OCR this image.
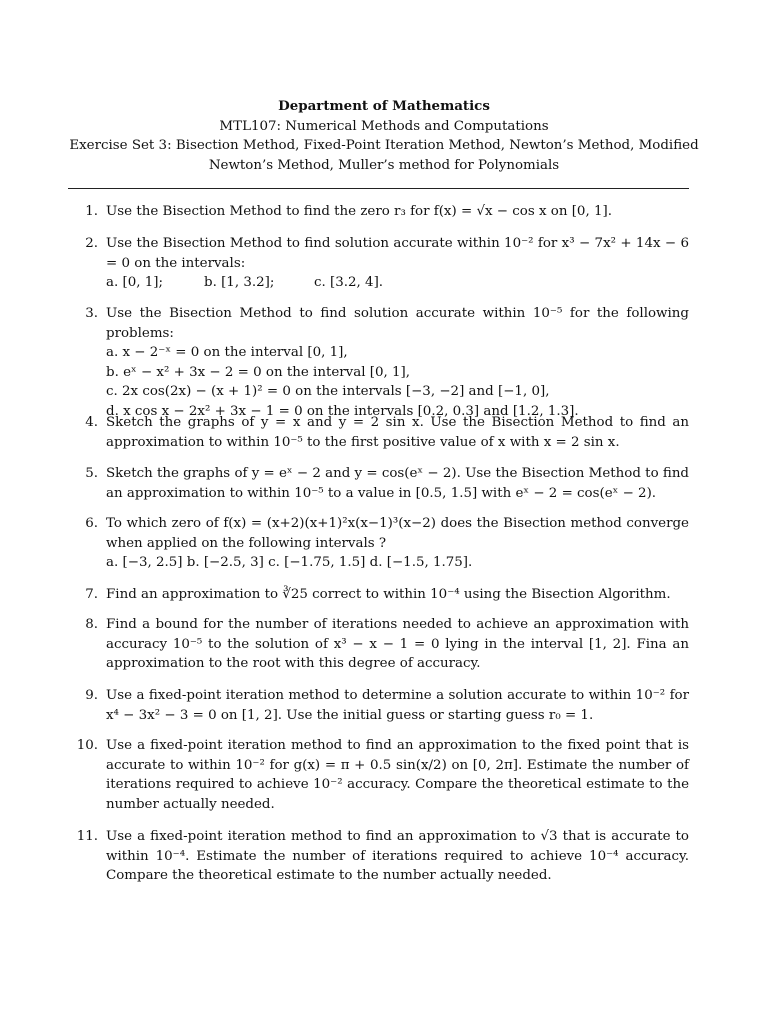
Department of Mathematics
MTL107: Numerical Methods and Computations
Exercise Set 3: Bisection Method, Fixed-Point Iteration Method, Newton’s Method, Modified
Newton’s Method, Muller’s method for Polynomials
1. Use the Bisection Method to find the zero r₃ for f(x) = √x − cos x on [0, 1].
2. Use the Bisection Method to find solution accurate within 10⁻² for x³ − 7x² + 14x − 6 = 0 on the intervals:
a. [0, 1];	b. [1, 3.2];	c. [3.2, 4].
3. Use the Bisection Method to find solution accurate within 10⁻⁵ for the following problems:
a. x − 2⁻ˣ = 0 on the interval [0, 1],
b. eˣ − x² + 3x − 2 = 0 on the interval [0, 1],
c. 2x cos(2x) − (x + 1)² = 0 on the intervals [−3, −2] and [−1, 0],
d. x cos x − 2x² + 3x − 1 = 0 on the intervals [0.2, 0.3] and [1.2, 1.3].
4. Sketch the graphs of y = x and y = 2 sin x. Use the Bisection Method to find an approximation to within 10⁻⁵ to the first positive value of x with x = 2 sin x.
5. Sketch the graphs of y = eˣ − 2 and y = cos(eˣ − 2). Use the Bisection Method to find an approximation to within 10⁻⁵ to a value in [0.5, 1.5] with eˣ − 2 = cos(eˣ − 2).
6. To which zero of f(x) = (x+2)(x+1)²x(x−1)³(x−2) does the Bisection method converge when applied on the following intervals ?
a. [−3, 2.5] b. [−2.5, 3] c. [−1.75, 1.5] d. [−1.5, 1.75].
7. Find an approximation to ∛25 correct to within 10⁻⁴ using the Bisection Algorithm.
8. Find a bound for the number of iterations needed to achieve an approximation with accuracy 10⁻⁵ to the solution of x³ − x − 1 = 0 lying in the interval [1, 2]. Fina an approximation to the root with this degree of accuracy.
9. Use a fixed-point iteration method to determine a solution accurate to within 10⁻² for x⁴ − 3x² − 3 = 0 on [1, 2]. Use the initial guess or starting guess r₀ = 1.
10. Use a fixed-point iteration method to find an approximation to the fixed point that is accurate to within 10⁻² for g(x) = π + 0.5 sin(x/2) on [0, 2π]. Estimate the number of iterations required to achieve 10⁻² accuracy. Compare the theoretical estimate to the number actually needed.
11. Use a fixed-point iteration method to find an approximation to √3 that is accurate to within 10⁻⁴. Estimate the number of iterations required to achieve 10⁻⁴ accuracy. Compare the theoretical estimate to the number actually needed.
